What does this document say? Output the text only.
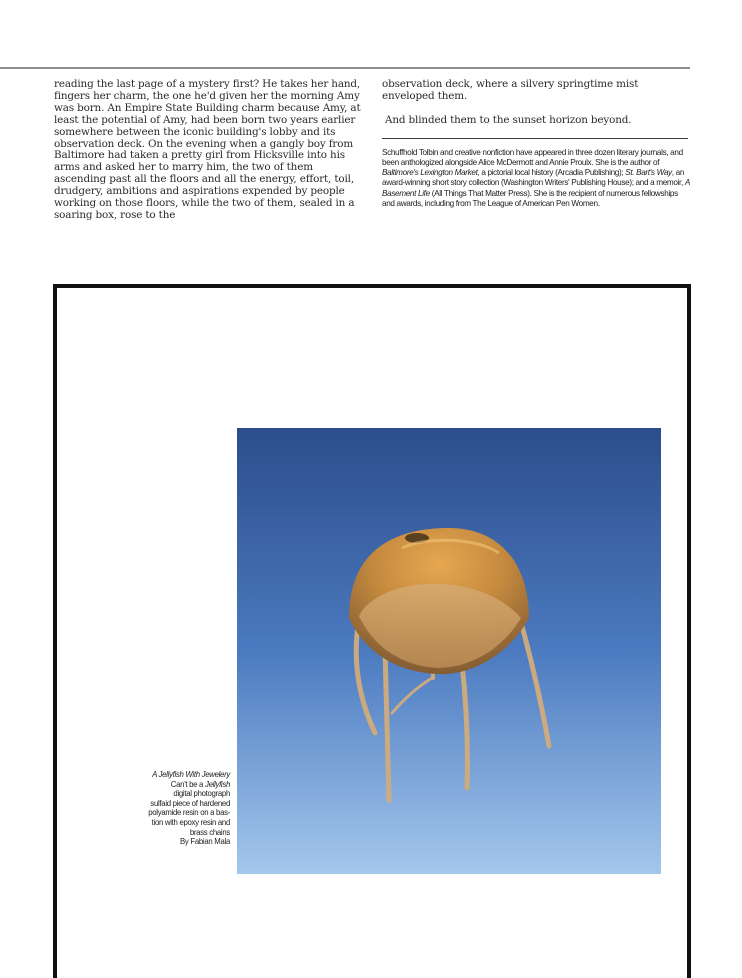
reading the last page of a mystery first? He takes her hand, fingers her charm, the one he'd given her the morning Amy was born. An Empire State Building charm because Amy, at least the potential of Amy, had been born two years earlier somewhere between the iconic building's lobby and its observation deck. On the evening when a gangly boy from Baltimore had taken a pretty girl from Hicksville into his arms and asked her to marry him, the two of them ascending past all the floors and all the energy, effort, toil, drudgery, ambitions and aspirations expended by people working on those floors, while the two of them, sealed in a soaring box, rose to the

observation deck, where a silvery springtime mist enveloped them.

And blinded them to the sunset horizon beyond.

Schuffhold Tolbin and creative nonfiction have appeared in three dozen literary journals, and been anthologized alongside Alice McDermott and Annie Proulx. She is the author of Baltimore's Lexington Market, a pictorial local history (Arcadia Publishing); St. Bart's Way, an award-winning short story collection (Washington Writers' Publishing House); and a memoir, A Basement Life (All Things That Matter Press). She is the recipient of numerous fellowships and awards, including from The League of American Pen Women.
A Jellyfish With Jewelery
Can't be a Jellyfish
digital photograph
sulfaid piece of hardened
polyamide resin on a bas-
tion with epoxy resin and
brass chains
By Fabian Mala
